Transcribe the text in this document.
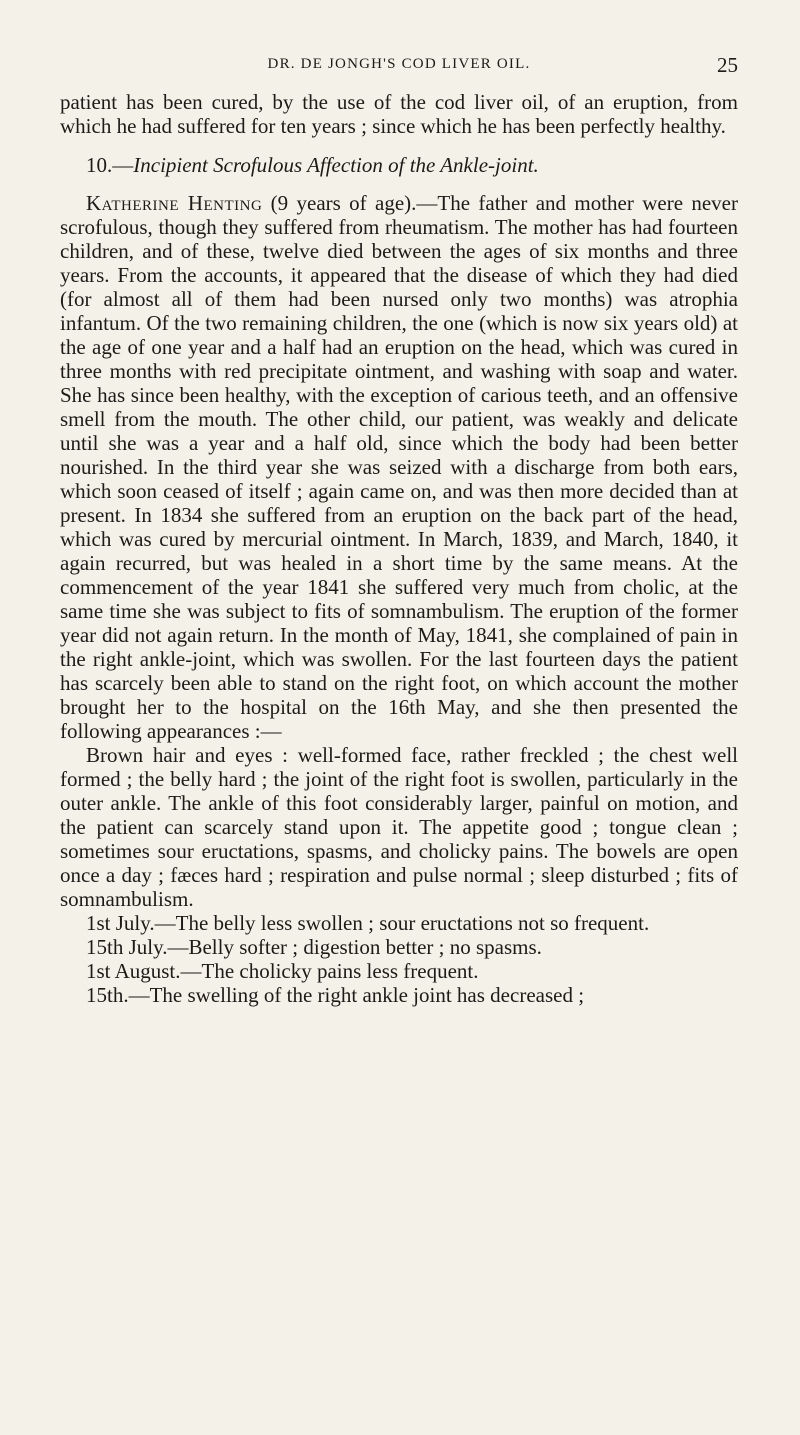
DR. DE JONGH'S COD LIVER OIL.	25

patient has been cured, by the use of the cod liver oil, of an eruption, from which he had suffered for ten years ; since which he has been perfectly healthy.

10.—Incipient Scrofulous Affection of the Ankle-joint.

Katherine Henting (9 years of age).—The father and mother were never scrofulous, though they suffered from rheumatism. The mother has had fourteen children, and of these, twelve died between the ages of six months and three years. From the accounts, it appeared that the disease of which they had died (for almost all of them had been nursed only two months) was atrophia infantum. Of the two remaining children, the one (which is now six years old) at the age of one year and a half had an eruption on the head, which was cured in three months with red precipitate ointment, and washing with soap and water. She has since been healthy, with the exception of carious teeth, and an offensive smell from the mouth. The other child, our patient, was weakly and delicate until she was a year and a half old, since which the body had been better nourished. In the third year she was seized with a discharge from both ears, which soon ceased of itself ; again came on, and was then more decided than at present. In 1834 she suffered from an eruption on the back part of the head, which was cured by mercurial ointment. In March, 1839, and March, 1840, it again recurred, but was healed in a short time by the same means. At the commencement of the year 1841 she suffered very much from cholic, at the same time she was subject to fits of somnambulism. The eruption of the former year did not again return. In the month of May, 1841, she complained of pain in the right ankle-joint, which was swollen. For the last fourteen days the patient has scarcely been able to stand on the right foot, on which account the mother brought her to the hospital on the 16th May, and she then presented the following appearances :—

Brown hair and eyes : well-formed face, rather freckled ; the chest well formed ; the belly hard ; the joint of the right foot is swollen, particularly in the outer ankle. The ankle of this foot considerably larger, painful on motion, and the patient can scarcely stand upon it. The appetite good ; tongue clean ; sometimes sour eructations, spasms, and cholicky pains. The bowels are open once a day ; fæces hard ; respiration and pulse normal ; sleep disturbed ; fits of somnambulism.

1st July.—The belly less swollen ; sour eructations not so frequent.

15th July.—Belly softer ; digestion better ; no spasms.

1st August.—The cholicky pains less frequent.

15th.—The swelling of the right ankle joint has decreased ;
